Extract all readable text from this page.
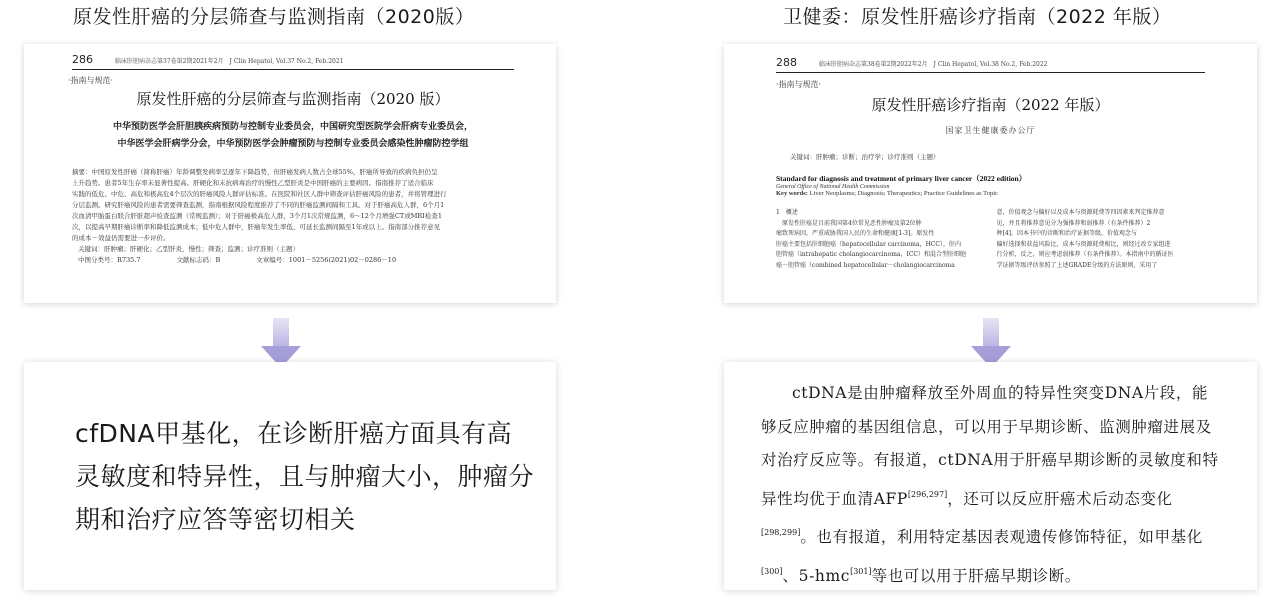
原发性肝癌的分层筛查与监测指南（2020版）
286	临床肝胆病杂志第37卷第2期2021年2月　J Clin Hepatol, Vol.37 No.2, Feb.2021
·指南与规范·
原发性肝癌的分层筛查与监测指南（2020 版）
中华预防医学会肝胆胰疾病预防与控制专业委员会，中国研究型医院学会肝病专业委员会，
中华医学会肝病学分会，中华预防医学会肿瘤预防与控制专业委员会感染性肿瘤防控学组

摘要：中国原发性肝癌（简称肝癌）年龄调整发病率呈逐年下降趋势，但肝癌发病人数占全球55%，肝癌所导致的疾病负担仍呈

上升趋势。患者5年生存率未显著性提高。肝硬化和未抗病毒治疗的慢性乙型肝炎是中国肝癌的主要病因。指南推荐了适合临床

实践的低危、中危、高危和极高危4个层次的肝癌风险人群评估标准。在医院和社区人群中筛查评估肝癌风险的患者，并将管理进行

分层监测。研究肝癌风险的患者需要筛查监测，指南根据风险程度推荐了不同的肝癌监测间隔和工具。对于肝癌高危人群，6个月1

次血清甲胎蛋白联合肝脏超声检查监测（常规监测）；对于肝癌极高危人群，3个月1次常规监测，6～12个月增强CT或MRI检查1

次，以提高早期肝癌诊断率和降低监测成本；低中危人群中，肝癌年发生率低，可延长监测间隔至1年或以上。指南部分推荐意见

的成本－效益仍需要进一步评价。

关键词：肝肿瘤；肝硬化；乙型肝炎，慢性；筛查；监测；诊疗准则（主题）
中图分类号：R735.7	文献标志码：B	文章编号：1001－5256(2021)02－0286－10
cfDNA甲基化，在诊断肝癌方面具有高灵敏度和特异性，且与肿瘤大小，肿瘤分期和治疗应答等密切相关
卫健委：原发性肝癌诊疗指南（2022 年版）
288	临床肝胆病杂志第38卷第2期2022年2月　J Clin Hepatol, Vol.38 No.2, Feb.2022
·指南与规范·
原发性肝癌诊疗指南（2022 年版）
国家卫生健康委办公厅
关键词：肝肿瘤；诊断；治疗学；诊疗准则（主题）
Standard for diagnosis and treatment of primary liver cancer（2022 edition）
General Office of National Health Commission
Key words: Liver Neoplasms; Diagnosis; Therapeutics; Practice Guidelines as Topic
1　概述
　原发性肝癌是目前我国第4位常见恶性肿瘤及第2位肿
瘤致死病因，严重威胁我国人民的生命和健康[1-3]。原发性
肝癌主要包括肝细胞癌（hepatocellular carcinoma，HCC），肝内
胆管癌（intrahepatic cholangiocarcinoma，ICC）和混合型肝细胞
癌－胆管癌（combined hepatocellular－cholangiocarcinoma
意，价值观念与偏好以及成本与资源耗费等四因素来判定推荐意
见，并且将推荐意见分为强推荐和弱推荐（有条件推荐）2
种[4]。因本书中的诊断和治疗证据等级，价值观念与
偏好选择和获益风险比，成本与资源耗费相比，则经过改专家组进
行分析，反之，则应考虑弱推荐（有条件推荐）。本指南中的循证医
学证据等级评估参照了上述GRADE分级的方法原则，采用了
ctDNA是由肿瘤释放至外周血的特异性突变DNA片段，能够反应肿瘤的基因组信息，可以用于早期诊断、监测肿瘤进展及对治疗反应等。有报道，ctDNA用于肝癌早期诊断的灵敏度和特异性均优于血清AFP[296,297]，还可以反应肝癌术后动态变化[298,299]。也有报道，利用特定基因表观遗传修饰特征，如甲基化[300]、5-hmc[301]等也可以用于肝癌早期诊断。
